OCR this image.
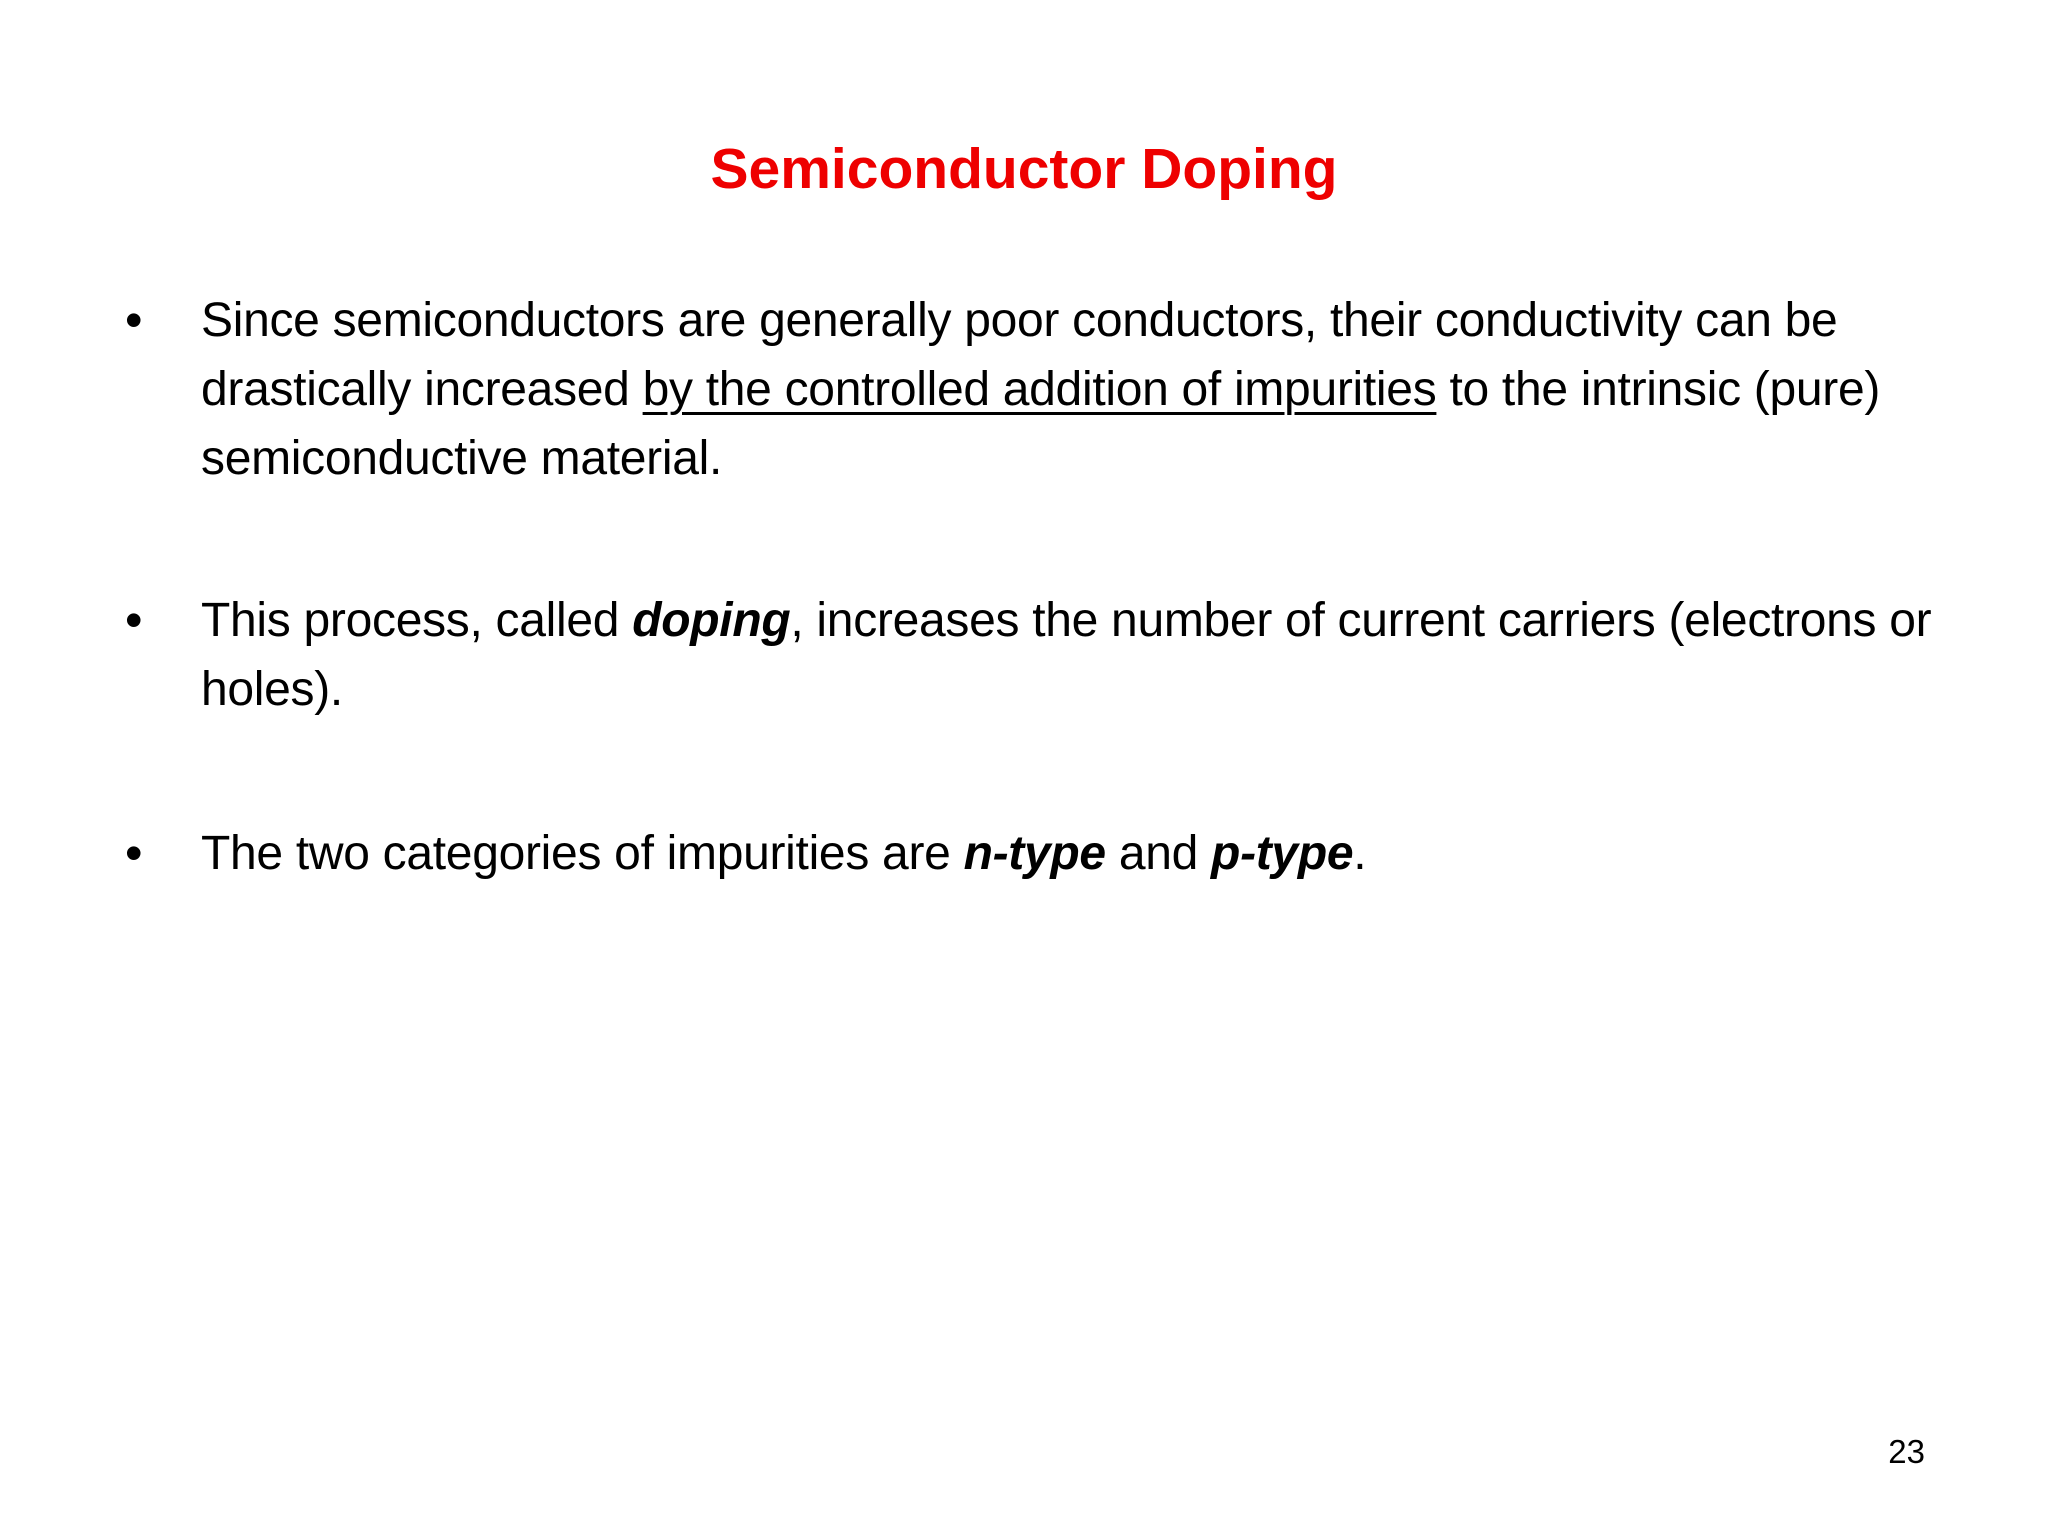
Semiconductor Doping
•	Since semiconductors are generally poor conductors, their conductivity can be drastically increased by the controlled addition of impurities to the intrinsic (pure) semiconductive material.
•	This process, called doping, increases the number of current carriers (electrons or holes).
•	The two categories of impurities are n-type and p-type.
23
